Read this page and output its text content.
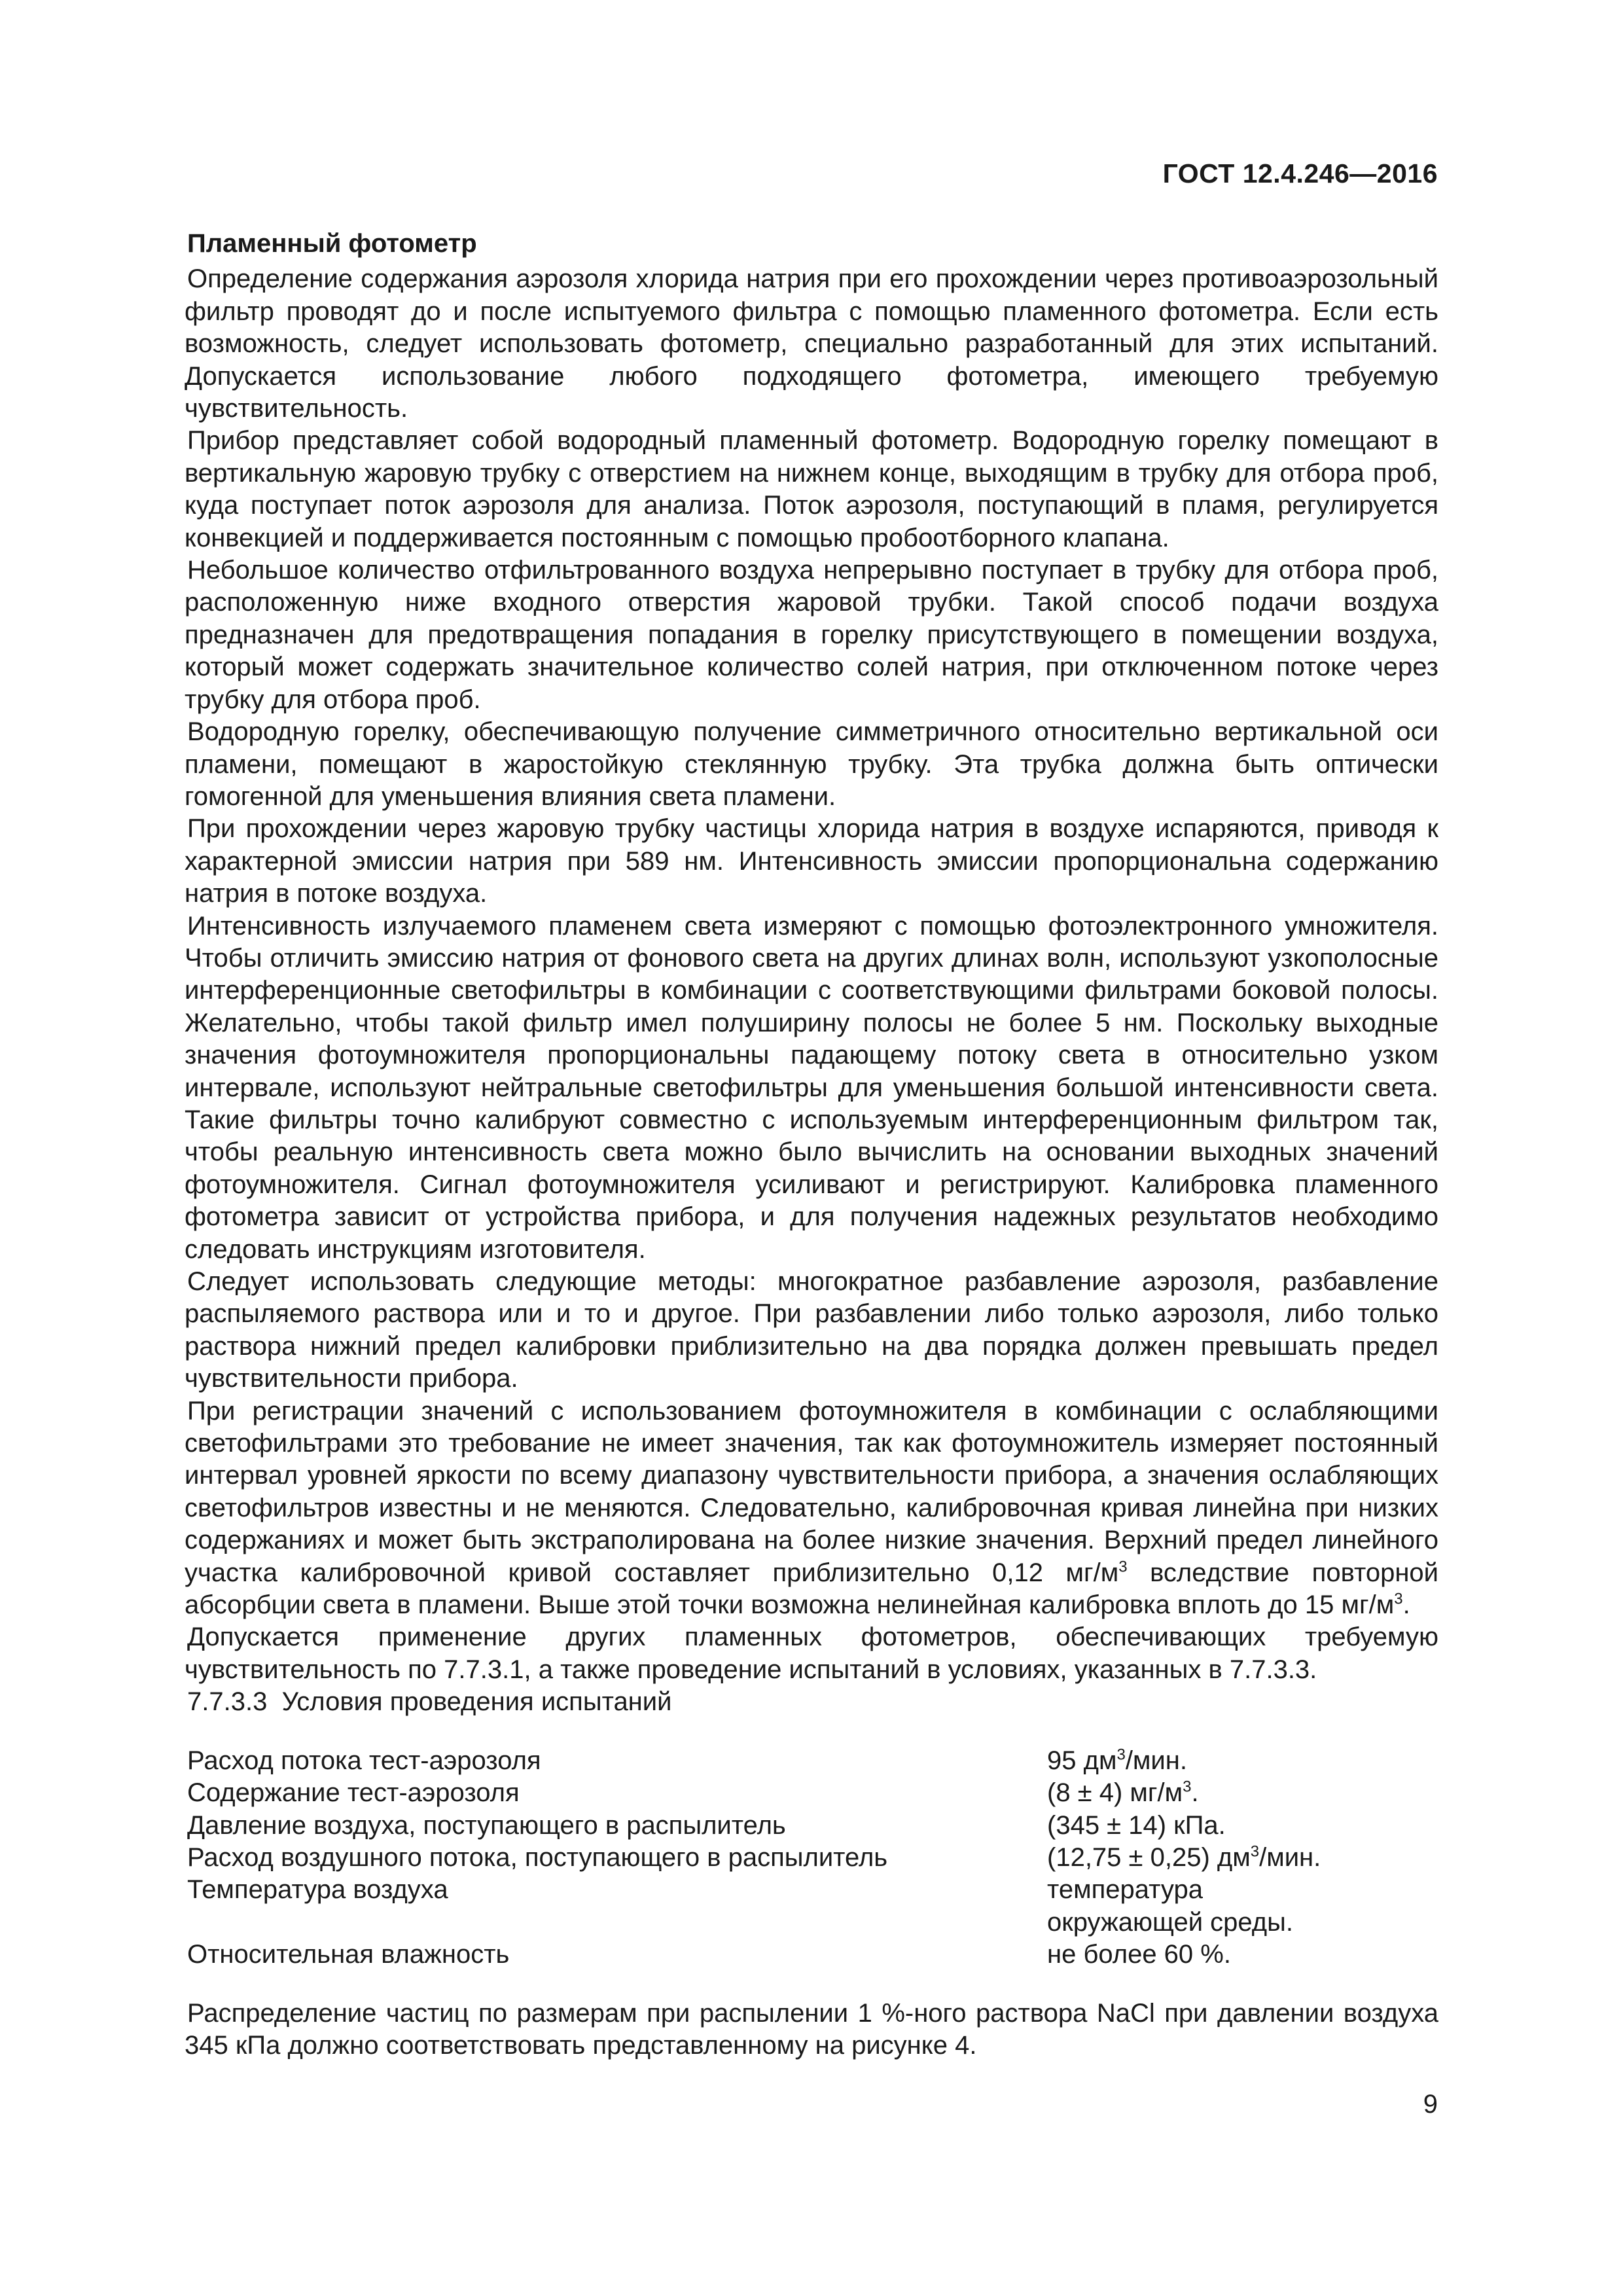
ГОСТ 12.4.246—2016
Пламенный фотометр

Определение содержания аэрозоля хлорида натрия при его прохождении через противоаэрозольный фильтр проводят до и после испытуемого фильтра с помощью пламенного фотометра. Если есть возможность, следует использовать фотометр, специально разработанный для этих испытаний. Допускается использование любого подходящего фотометра, имеющего требуемую чувствительность.

Прибор представляет собой водородный пламенный фотометр. Водородную горелку помещают в вертикальную жаровую трубку с отверстием на нижнем конце, выходящим в трубку для отбора проб, куда поступает поток аэрозоля для анализа. Поток аэрозоля, поступающий в пламя, регулируется конвекцией и поддерживается постоянным с помощью пробоотборного клапана.

Небольшое количество отфильтрованного воздуха непрерывно поступает в трубку для отбора проб, расположенную ниже входного отверстия жаровой трубки. Такой способ подачи воздуха предназначен для предотвращения попадания в горелку присутствующего в помещении воздуха, который может содержать значительное количество солей натрия, при отключенном потоке через трубку для отбора проб.

Водородную горелку, обеспечивающую получение симметричного относительно вертикальной оси пламени, помещают в жаростойкую стеклянную трубку. Эта трубка должна быть оптически гомогенной для уменьшения влияния света пламени.

При прохождении через жаровую трубку частицы хлорида натрия в воздухе испаряются, приводя к характерной эмиссии натрия при 589 нм. Интенсивность эмиссии пропорциональна содержанию натрия в потоке воздуха.

Интенсивность излучаемого пламенем света измеряют с помощью фотоэлектронного умножителя. Чтобы отличить эмиссию натрия от фонового света на других длинах волн, используют узкополосные интерференционные светофильтры в комбинации с соответствующими фильтрами боковой полосы. Желательно, чтобы такой фильтр имел полуширину полосы не более 5 нм. Поскольку выходные значения фотоумножителя пропорциональны падающему потоку света в относительно узком интервале, используют нейтральные светофильтры для уменьшения большой интенсивности света. Такие фильтры точно калибруют совместно с используемым интерференционным фильтром так, чтобы реальную интенсивность света можно было вычислить на основании выходных значений фотоумножителя. Сигнал фотоумножителя усиливают и регистрируют. Калибровка пламенного фотометра зависит от устройства прибора, и для получения надежных результатов необходимо следовать инструкциям изготовителя.

Следует использовать следующие методы: многократное разбавление аэрозоля, разбавление распыляемого раствора или и то и другое. При разбавлении либо только аэрозоля, либо только раствора нижний предел калибровки приблизительно на два порядка должен превышать предел чувствительности прибора.

При регистрации значений с использованием фотоумножителя в комбинации с ослабляющими светофильтрами это требование не имеет значения, так как фотоумножитель измеряет постоянный интервал уровней яркости по всему диапазону чувствительности прибора, а значения ослабляющих светофильтров известны и не меняются. Следовательно, калибровочная кривая линейна при низких содержаниях и может быть экстраполирована на более низкие значения. Верхний предел линейного участка калибровочной кривой составляет приблизительно 0,12 $мг/м^3$ вследствие повторной абсорбции света в пламени. Выше этой точки возможна нелинейная калибровка вплоть до 15 $мг/м^3$.

Допускается применение других пламенных фотометров, обеспечивающих требуемую чувствительность по 7.7.3.1, а также проведение испытаний в условиях, указанных в 7.7.3.3.

7.7.3.3 Условия проведения испытаний
Расход потока тест-аэрозоля	95 $дм^3$/мин.
Содержание тест-аэрозоля	(8 ± 4) $мг/м^3$.
Давление воздуха, поступающего в распылитель	(345 ± 14) кПа.
Расход воздушного потока, поступающего в распылитель	(12,75 ± 0,25) $дм^3$/мин.
Температура воздуха	температура
окружающей среды.
Относительная влажность	не более 60 %.

Распределение частиц по размерам при распылении 1 %-ного раствора NaCl при давлении воздуха 345 кПа должно соответствовать представленному на рисунке 4.

9
